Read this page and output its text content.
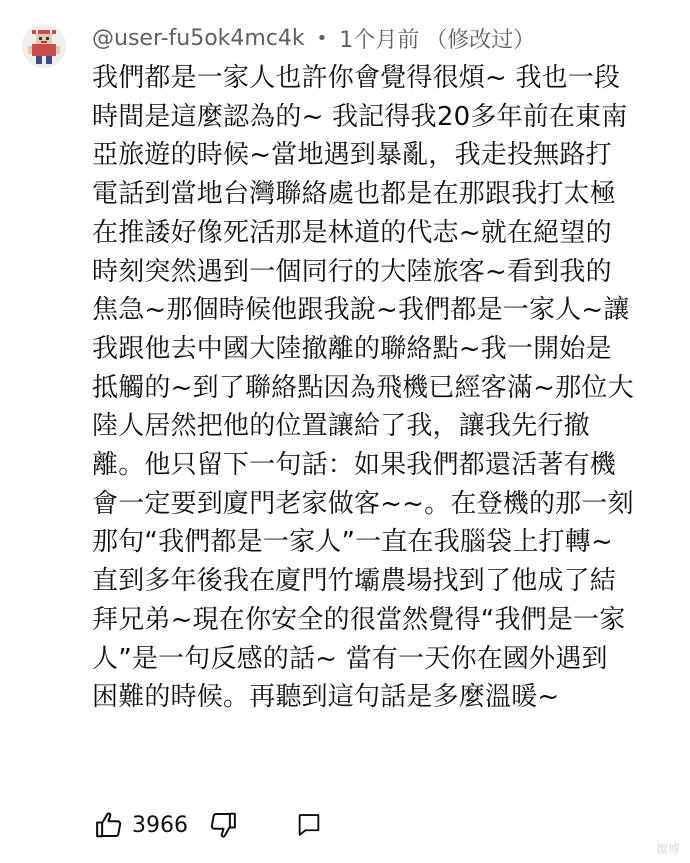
@user-fu5ok4mc4k • 1个月前 （修改过）
我們都是一家人也許你會覺得很煩~ 我也一段
時間是這麼認為的~ 我記得我20多年前在東南
亞旅遊的時候~當地遇到暴亂，我走投無路打
電話到當地台灣聯絡處也都是在那跟我打太極
在推諉好像死活那是林道的代志~就在絕望的
時刻突然遇到一個同行的大陸旅客~看到我的
焦急~那個時候他跟我說~我們都是一家人~讓
我跟他去中國大陸撤離的聯絡點~我一開始是
抵觸的~到了聯絡點因為飛機已經客滿~那位大
陸人居然把他的位置讓給了我，讓我先行撤
離。他只留下一句話：如果我們都還活著有機
會一定要到廈門老家做客~~。在登機的那一刻
那句“我們都是一家人”一直在我腦袋上打轉~
直到多年後我在廈門竹壩農場找到了他成了結
拜兄弟~現在你安全的很當然覺得“我們是一家
人”是一句反感的話~ 當有一天你在國外遇到
困難的時候。再聽到這句話是多麼溫暖~
3966
微博
